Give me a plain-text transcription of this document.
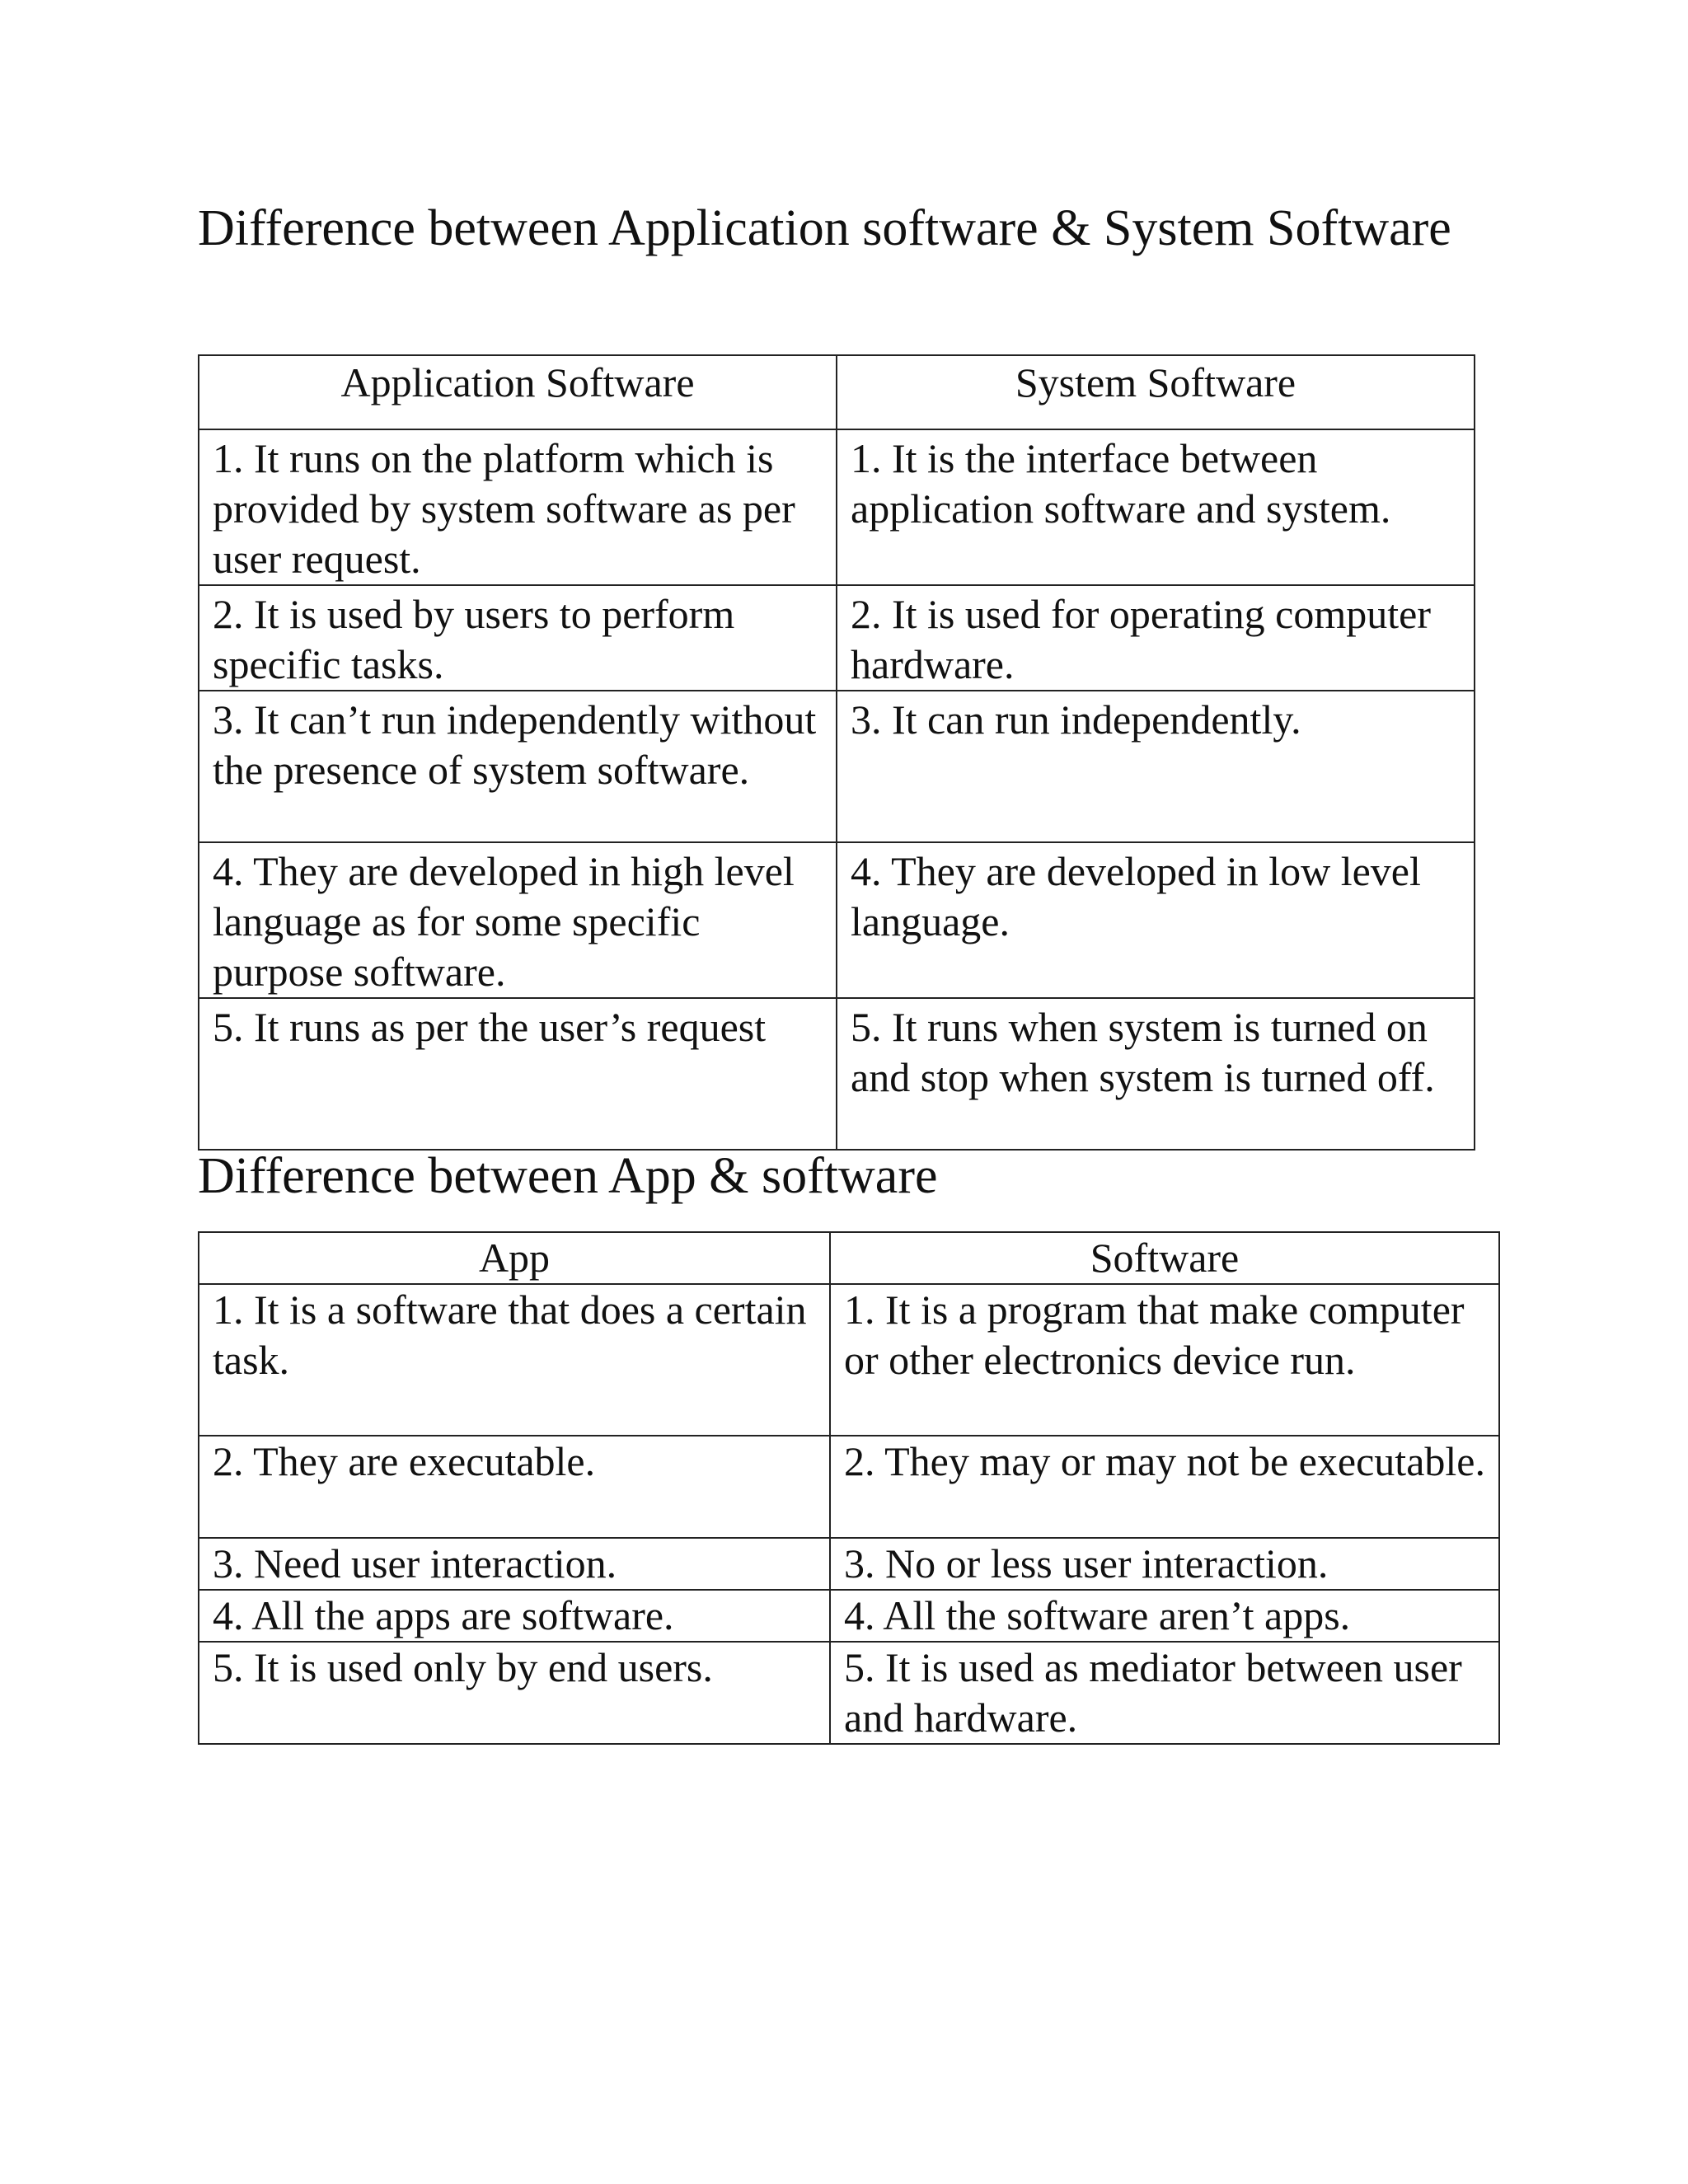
Difference between Application software & System Software
Application Software	System Software
1. It runs on the platform which is provided by system software as per user request.	1. It is the interface between application software and system.
2. It is used by users to perform specific tasks.	2. It is used for operating computer hardware.
3. It can’t run independently without the presence of system software.	3. It can run independently.
4. They are developed in high level language as for some specific purpose software.	4. They are developed in low level language.
5. It runs as per the user’s request	5. It runs when system is turned on and stop when system is turned off.
Difference between App & software
App	Software
1. It is a software that does a certain task.	1. It is a program that make computer or other electronics device run.
2. They are executable.	2. They may or may not be executable.
3. Need user interaction.	3. No or less user interaction.
4. All the apps are software.	4. All the software aren’t apps.
5. It is used only by end users.	5. It is used as mediator between user and hardware.
